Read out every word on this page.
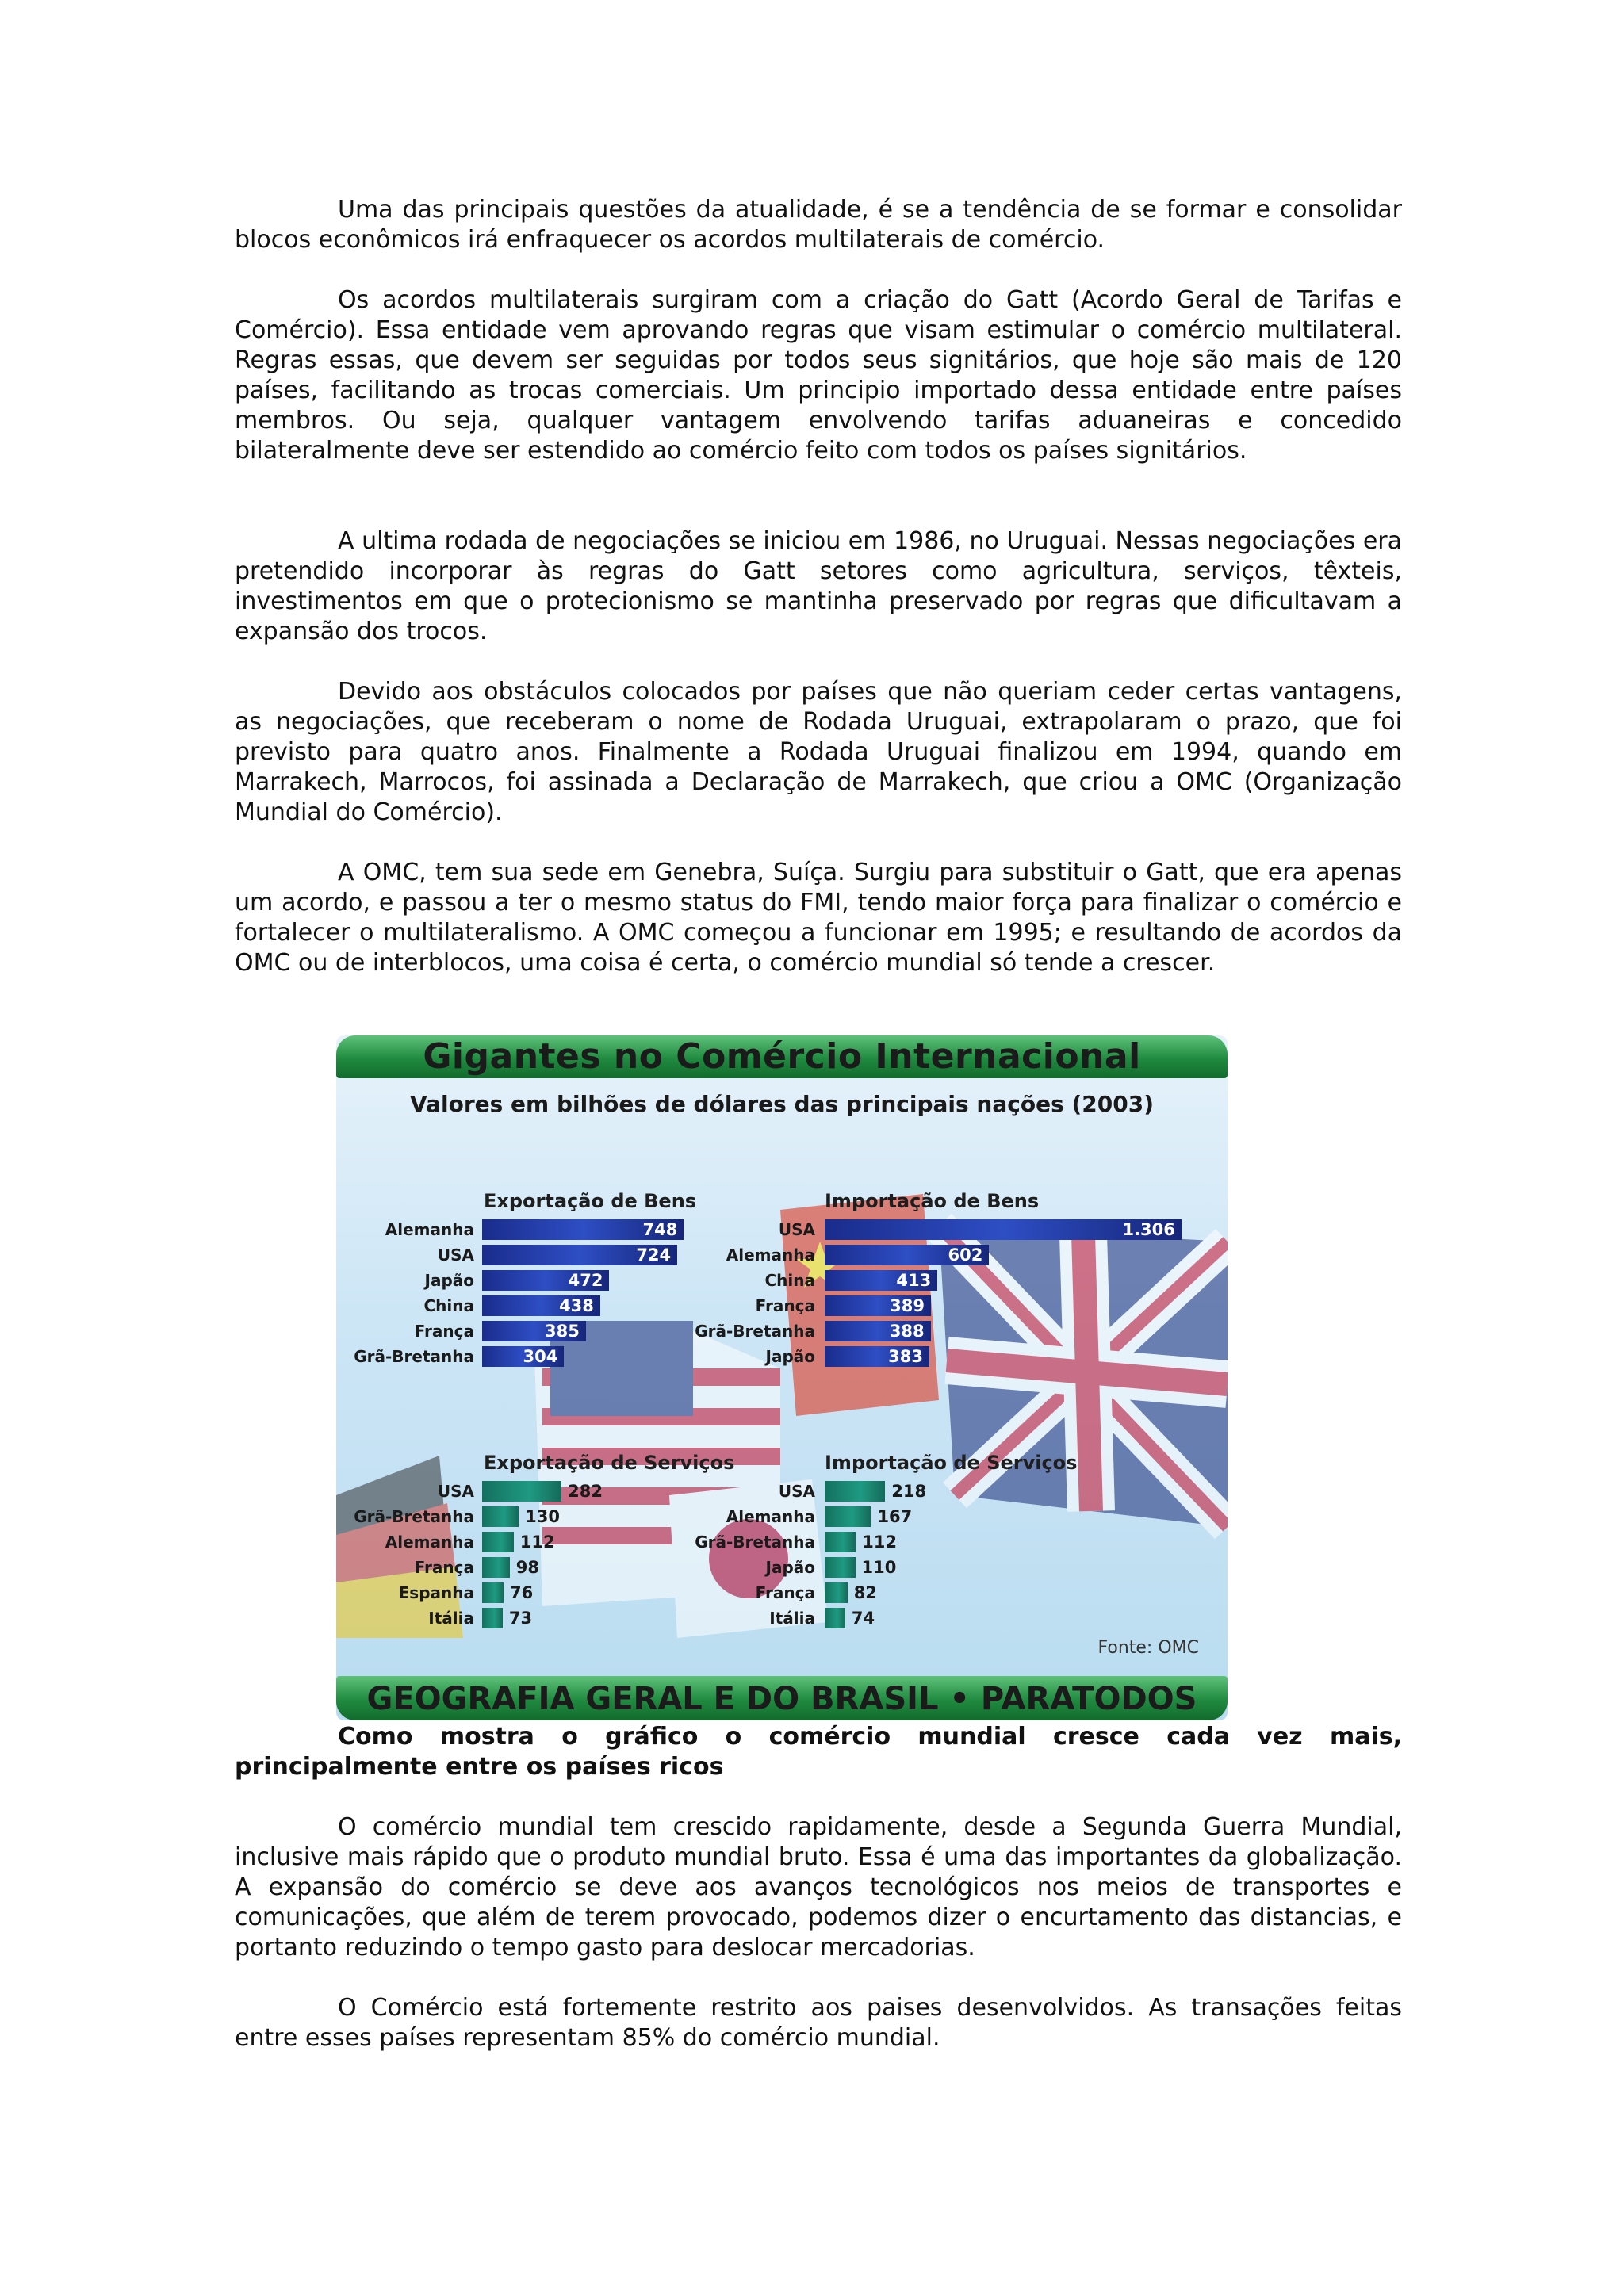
Uma das principais questões da atualidade, é se a tendência de se formar e consolidar blocos econômicos irá enfraquecer os acordos multilaterais de comércio.

Os acordos multilaterais surgiram com a criação do Gatt (Acordo Geral de Tarifas e Comércio). Essa entidade vem aprovando regras que visam estimular o comércio multilateral. Regras essas, que devem ser seguidas por todos seus signitários, que hoje são mais de 120 países, facilitando as trocas comerciais. Um principio importado dessa entidade entre países membros. Ou seja, qualquer vantagem envolvendo tarifas aduaneiras e concedido bilateralmente deve ser estendido ao comércio feito com todos os países signitários.

A ultima rodada de negociações se iniciou em 1986, no Uruguai. Nessas negociações era pretendido incorporar às regras do Gatt setores como agricultura, serviços, têxteis, investimentos em que o protecionismo se mantinha preservado por regras que dificultavam a expansão dos trocos.

Devido aos obstáculos colocados por países que não queriam ceder certas vantagens, as negociações, que receberam o nome de Rodada Uruguai, extrapolaram o prazo, que foi previsto para quatro anos. Finalmente a Rodada Uruguai finalizou em 1994, quando em Marrakech, Marrocos, foi assinada a Declaração de Marrakech, que criou a OMC (Organização Mundial do Comércio).

A OMC, tem sua sede em Genebra, Suíça. Surgiu para substituir o Gatt, que era apenas um acordo, e passou a ter o mesmo status do FMI, tendo maior força para finalizar o comércio e fortalecer o multilateralismo. A OMC começou a funcionar em 1995; e resultando de acordos da OMC ou de interblocos, uma coisa é certa, o comércio mundial só tende a crescer.

Como mostra o gráfico o comércio mundial cresce cada vez mais, principalmente entre os países ricos

O comércio mundial tem crescido rapidamente, desde a Segunda Guerra Mundial, inclusive mais rápido que o produto mundial bruto. Essa é uma das importantes da globalização. A expansão do comércio se deve aos avanços tecnológicos nos meios de transportes e comunicações, que além de terem provocado, podemos dizer o encurtamento das distancias, e portanto reduzindo o tempo gasto para deslocar mercadorias.

O Comércio está fortemente restrito aos paises desenvolvidos. As transações feitas entre esses países representam 85% do comércio mundial.

Gigantes no Comércio Internacional
Valores em bilhões de dólares das principais nações (2003)
Exportação de Bens
Alemanha	748
USA	724
Japão	472
China	438
França	385
Grã-Bretanha	304
Importação de Bens
USA	1.306
Alemanha	602
China	413
França	389
Grã-Bretanha	388
Japão	383
Exportação de Serviços
USA	282
Grã-Bretanha	130
Alemanha	112
França	98
Espanha 76
Itália 73
Importação de Serviços
USA	218
Alemanha	167
Grã-Bretanha	112
Japão	110
França 82
Itália 74
Fonte: OMC
GEOGRAFIA GERAL E DO BRASIL • PARATODOS
